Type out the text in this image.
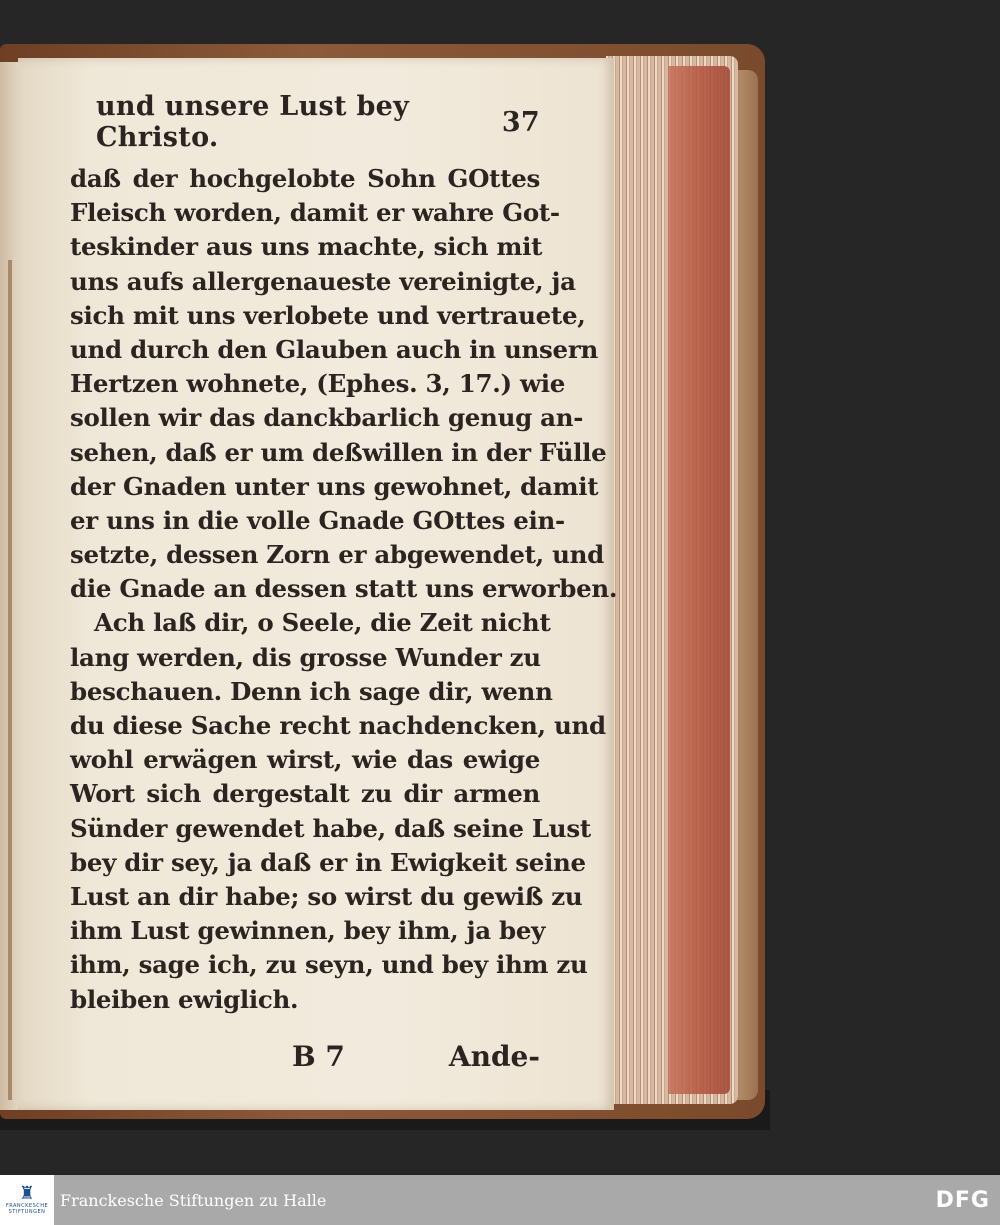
und unsere Lust bey Christo.	37
daß der hochgelobte Sohn GOttes
Fleisch worden, damit er wahre Got-
teskinder aus uns machte, sich mit
uns aufs allergenaueste vereinigte, ja
sich mit uns verlobete und vertrauete,
und durch den Glauben auch in unsern
Hertzen wohnete, (Ephes. 3, 17.) wie
sollen wir das danckbarlich genug an-
sehen, daß er um deßwillen in der Fülle
der Gnaden unter uns gewohnet, damit
er uns in die volle Gnade GOttes ein-
setzte, dessen Zorn er abgewendet, und
die Gnade an dessen statt uns erworben.
Ach laß dir, o Seele, die Zeit nicht
lang werden, dis grosse Wunder zu
beschauen. Denn ich sage dir, wenn
du diese Sache recht nachdencken, und
wohl erwägen wirst, wie das ewige
Wort sich dergestalt zu dir armen
Sünder gewendet habe, daß seine Lust
bey dir sey, ja daß er in Ewigkeit seine
Lust an dir habe; so wirst du gewiß zu
ihm Lust gewinnen, bey ihm, ja bey
ihm, sage ich, zu seyn, und bey ihm zu
bleiben ewiglich.
B 7	Ande-
♜
FRANCKESCHE
STIFTUNGEN
Franckesche Stiftungen zu Halle	DFG
